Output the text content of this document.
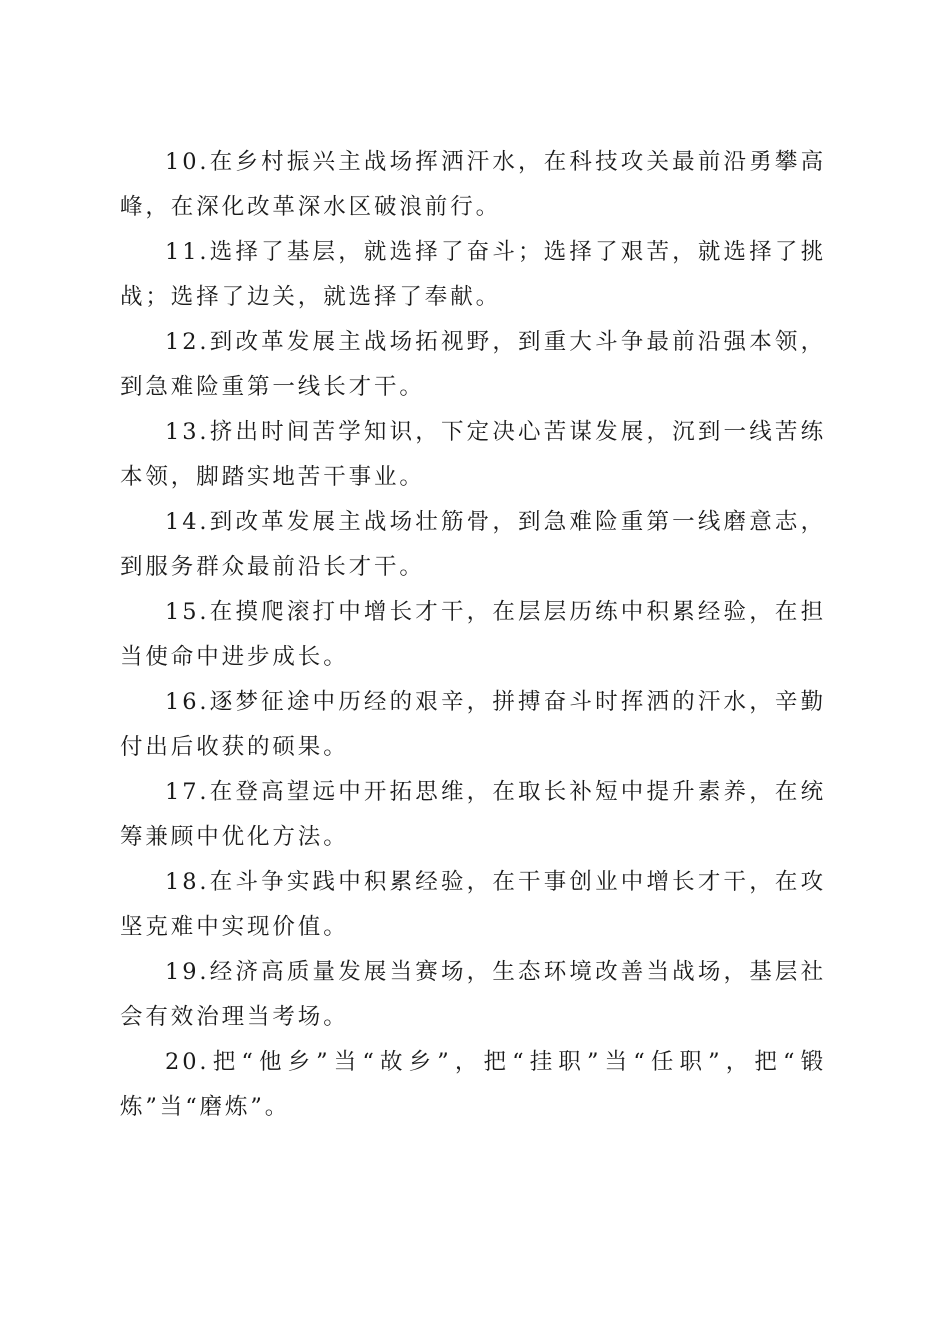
10.在乡村振兴主战场挥洒汗水，在科技攻关最前沿勇攀高峰，在深化改革深水区破浪前行。

11.选择了基层，就选择了奋斗；选择了艰苦，就选择了挑战；选择了边关，就选择了奉献。

12.到改革发展主战场拓视野，到重大斗争最前沿强本领，到急难险重第一线长才干。

13.挤出时间苦学知识，下定决心苦谋发展，沉到一线苦练本领，脚踏实地苦干事业。

14.到改革发展主战场壮筋骨，到急难险重第一线磨意志，到服务群众最前沿长才干。

15.在摸爬滚打中增长才干，在层层历练中积累经验，在担当使命中进步成长。

16.逐梦征途中历经的艰辛，拼搏奋斗时挥洒的汗水，辛勤付出后收获的硕果。

17.在登高望远中开拓思维，在取长补短中提升素养，在统筹兼顾中优化方法。

18.在斗争实践中积累经验，在干事创业中增长才干，在攻坚克难中实现价值。

19.经济高质量发展当赛场，生态环境改善当战场，基层社会有效治理当考场。

20.把“他乡”当“故乡”，把“挂职”当“任职”，把“锻炼”当“磨炼”。
